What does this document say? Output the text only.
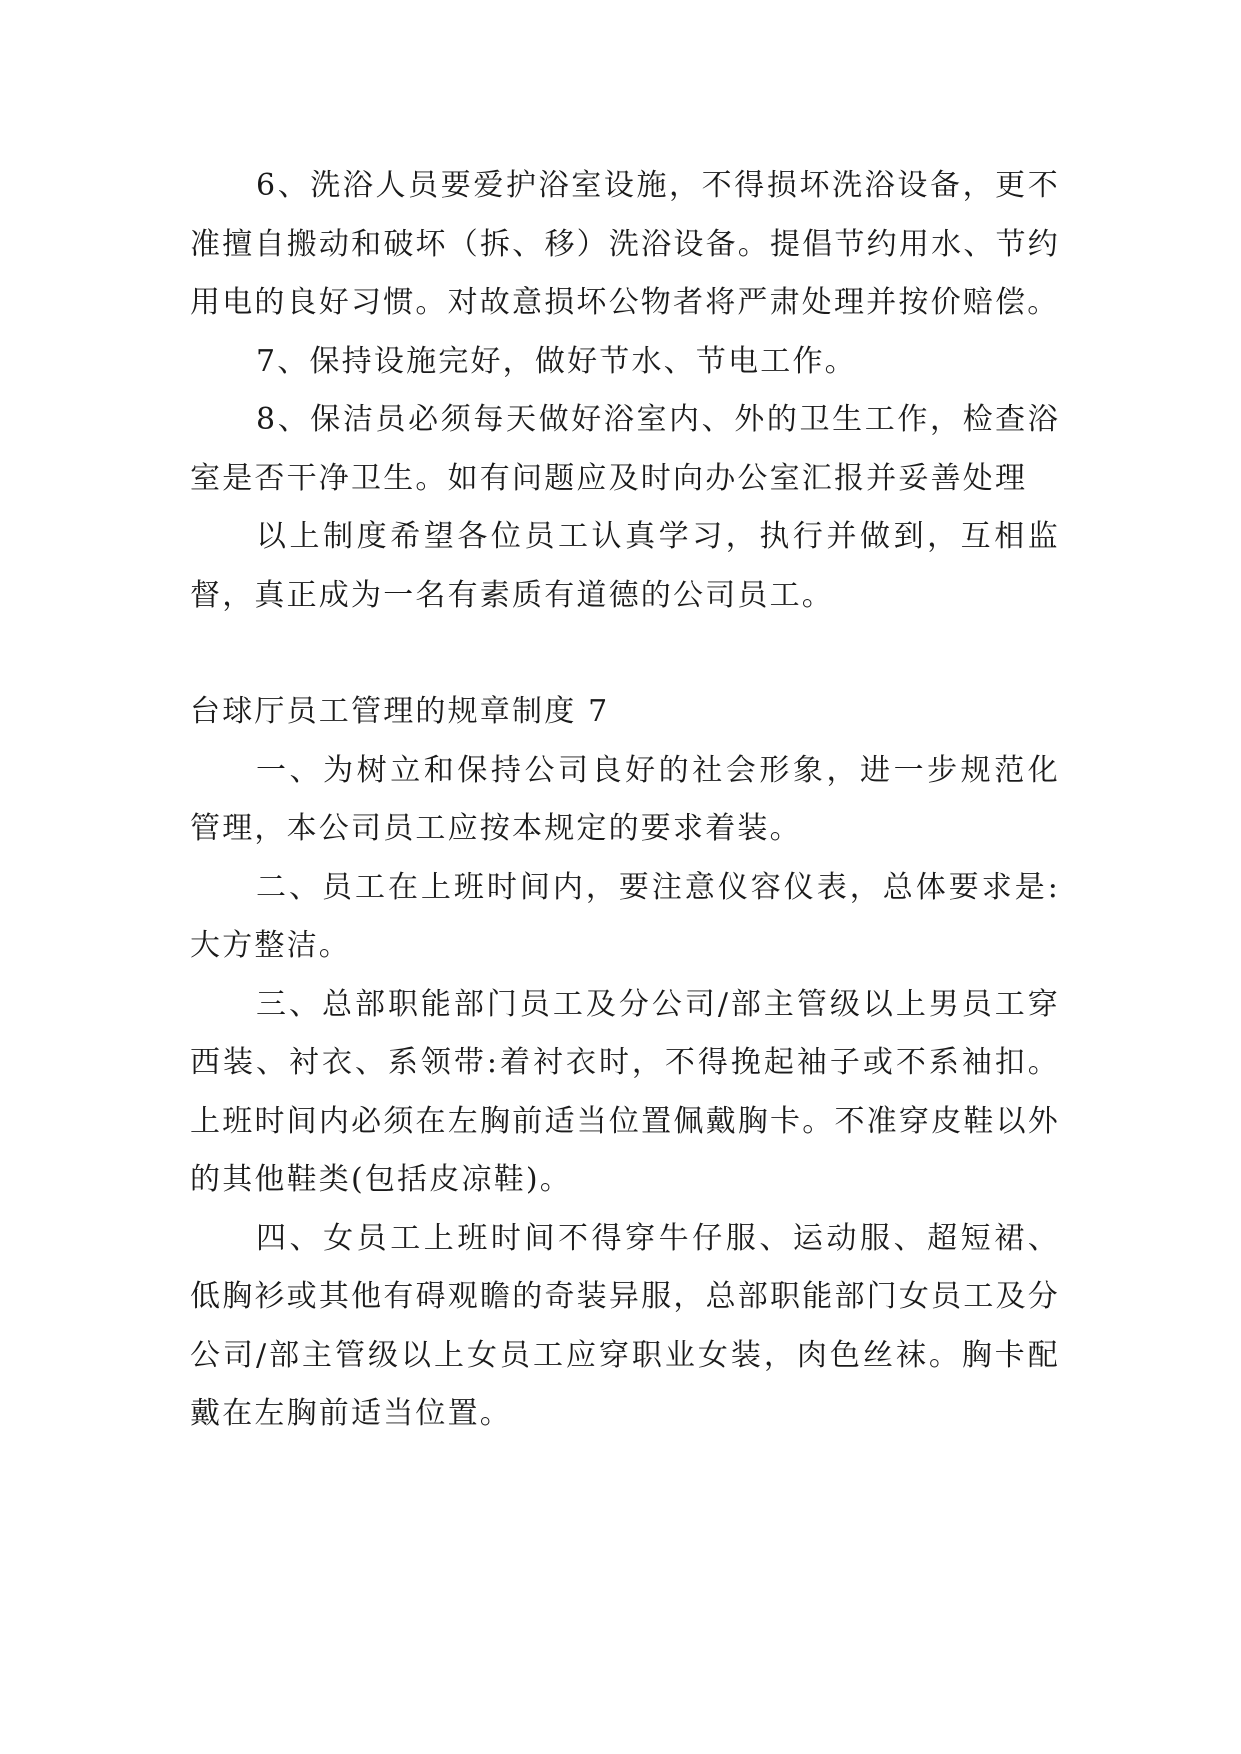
6、洗浴人员要爱护浴室设施，不得损坏洗浴设备，更不准擅自搬动和破坏（拆、移）洗浴设备。提倡节约用水、节约用电的良好习惯。对故意损坏公物者将严肃处理并按价赔偿。

7、保持设施完好，做好节水、节电工作。

8、保洁员必须每天做好浴室内、外的卫生工作，检查浴室是否干净卫生。如有问题应及时向办公室汇报并妥善处理

以上制度希望各位员工认真学习，执行并做到，互相监督，真正成为一名有素质有道德的公司员工。

台球厅员工管理的规章制度 7

一、为树立和保持公司良好的社会形象，进一步规范化管理，本公司员工应按本规定的要求着装。

二、员工在上班时间内，要注意仪容仪表，总体要求是:大方整洁。

三、总部职能部门员工及分公司/部主管级以上男员工穿西装、衬衣、系领带:着衬衣时，不得挽起袖子或不系袖扣。上班时间内必须在左胸前适当位置佩戴胸卡。不准穿皮鞋以外的其他鞋类(包括皮凉鞋)。

四、女员工上班时间不得穿牛仔服、运动服、超短裙、低胸衫或其他有碍观瞻的奇装异服，总部职能部门女员工及分公司/部主管级以上女员工应穿职业女装，肉色丝袜。胸卡配戴在左胸前适当位置。
